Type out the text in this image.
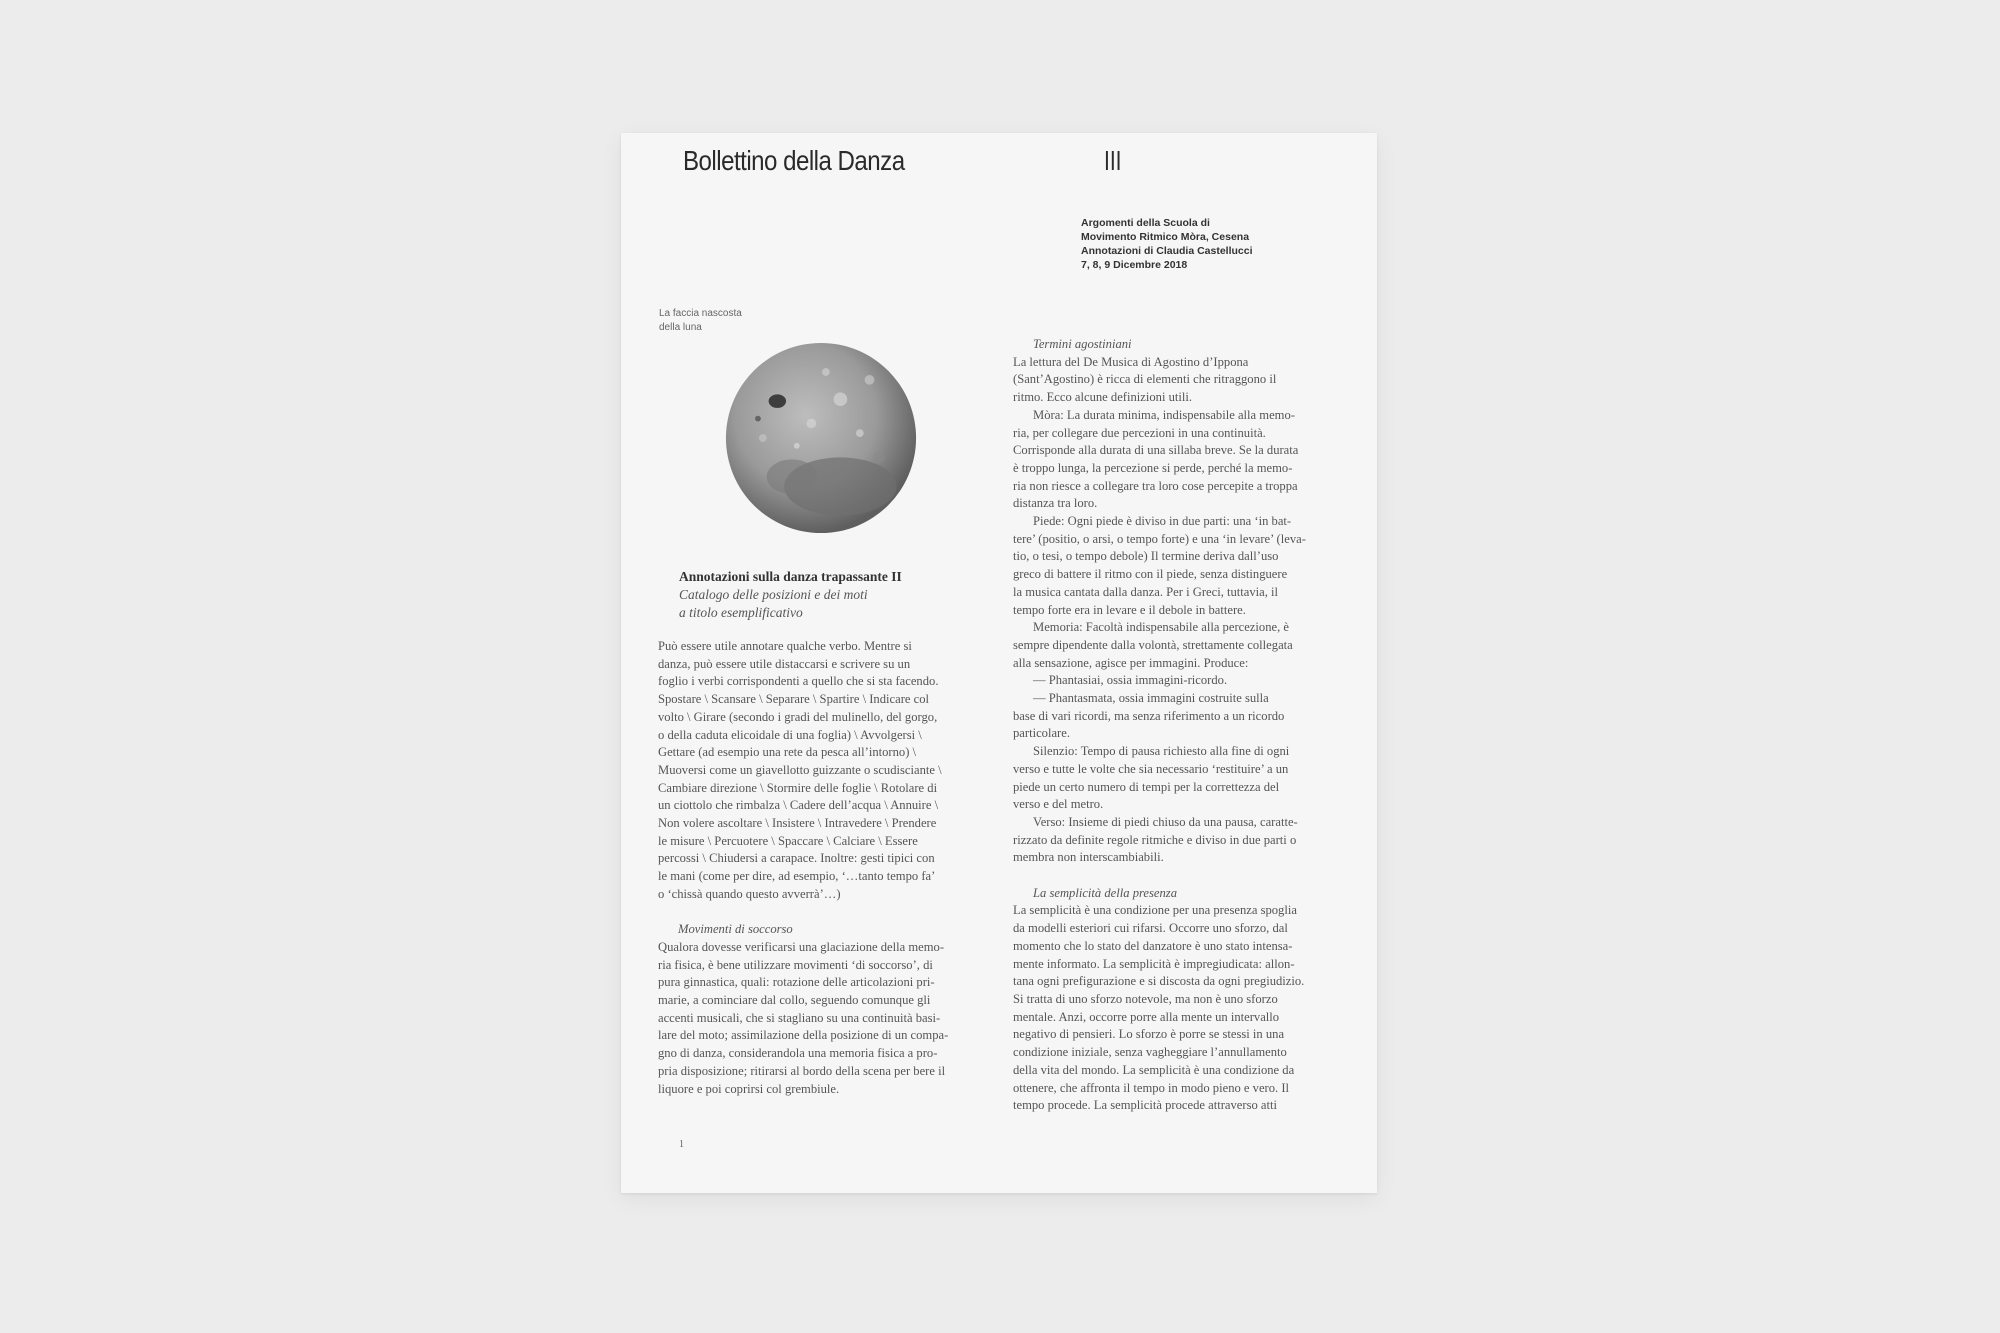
Bollettino della Danza	III
Argomenti della Scuola di
Movimento Ritmico Mòra, Cesena
Annotazioni di Claudia Castellucci
7, 8, 9 Dicembre 2018
La faccia nascosta
della luna
Annotazioni sulla danza trapassante II
Catalogo delle posizioni e dei moti
a titolo esemplificativo
Può essere utile annotare qualche verbo. Mentre si
danza, può essere utile distaccarsi e scrivere su un
foglio i verbi corrispondenti a quello che si sta facendo.
Spostare \ Scansare \ Separare \ Spartire \ Indicare col
volto \ Girare (secondo i gradi del mulinello, del gorgo,
o della caduta elicoidale di una foglia) \ Avvolgersi \
Gettare (ad esempio una rete da pesca all’intorno) \
Muoversi come un giavellotto guizzante o scudisciante \
Cambiare direzione \ Stormire delle foglie \ Rotolare di
un ciottolo che rimbalza \ Cadere dell’acqua \ Annuire \
Non volere ascoltare \ Insistere \ Intravedere \ Prendere
le misure \ Percuotere \ Spaccare \ Calciare \ Essere
percossi \ Chiudersi a carapace. Inoltre: gesti tipici con
le mani (come per dire, ad esempio, ‘…tanto tempo fa’
o ‘chissà quando questo avverrà’…)
Movimenti di soccorso
Qualora dovesse verificarsi una glaciazione della memo-
ria fisica, è bene utilizzare movimenti ‘di soccorso’, di
pura ginnastica, quali: rotazione delle articolazioni pri-
marie, a cominciare dal collo, seguendo comunque gli
accenti musicali, che si stagliano su una continuità basi-
lare del moto; assimilazione della posizione di un compa-
gno di danza, considerandola una memoria fisica a pro-
pria disposizione; ritirarsi al bordo della scena per bere il
liquore e poi coprirsi col grembiule.
Termini agostiniani
La lettura del De Musica di Agostino d’Ippona
(Sant’Agostino) è ricca di elementi che ritraggono il
ritmo. Ecco alcune definizioni utili.
Mòra: La durata minima, indispensabile alla memo-
ria, per collegare due percezioni in una continuità.
Corrisponde alla durata di una sillaba breve. Se la durata
è troppo lunga, la percezione si perde, perché la memo-
ria non riesce a collegare tra loro cose percepite a troppa
distanza tra loro.
Piede: Ogni piede è diviso in due parti: una ‘in bat-
tere’ (positio, o arsi, o tempo forte) e una ‘in levare’ (leva-
tio, o tesi, o tempo debole) Il termine deriva dall’uso
greco di battere il ritmo con il piede, senza distinguere
la musica cantata dalla danza. Per i Greci, tuttavia, il
tempo forte era in levare e il debole in battere.
Memoria: Facoltà indispensabile alla percezione, è
sempre dipendente dalla volontà, strettamente collegata
alla sensazione, agisce per immagini. Produce:
— Phantasiai, ossia immagini-ricordo.
— Phantasmata, ossia immagini costruite sulla
base di vari ricordi, ma senza riferimento a un ricordo
particolare.
Silenzio: Tempo di pausa richiesto alla fine di ogni
verso e tutte le volte che sia necessario ‘restituire’ a un
piede un certo numero di tempi per la correttezza del
verso e del metro.
Verso: Insieme di piedi chiuso da una pausa, caratte-
rizzato da definite regole ritmiche e diviso in due parti o
membra non interscambiabili.
La semplicità della presenza
La semplicità è una condizione per una presenza spoglia
da modelli esteriori cui rifarsi. Occorre uno sforzo, dal
momento che lo stato del danzatore è uno stato intensa-
mente informato. La semplicità è impregiudicata: allon-
tana ogni prefigurazione e si discosta da ogni pregiudizio.
Si tratta di uno sforzo notevole, ma non è uno sforzo
mentale. Anzi, occorre porre alla mente un intervallo
negativo di pensieri. Lo sforzo è porre se stessi in una
condizione iniziale, senza vagheggiare l’annullamento
della vita del mondo. La semplicità è una condizione da
ottenere, che affronta il tempo in modo pieno e vero. Il
tempo procede. La semplicità procede attraverso atti
1
